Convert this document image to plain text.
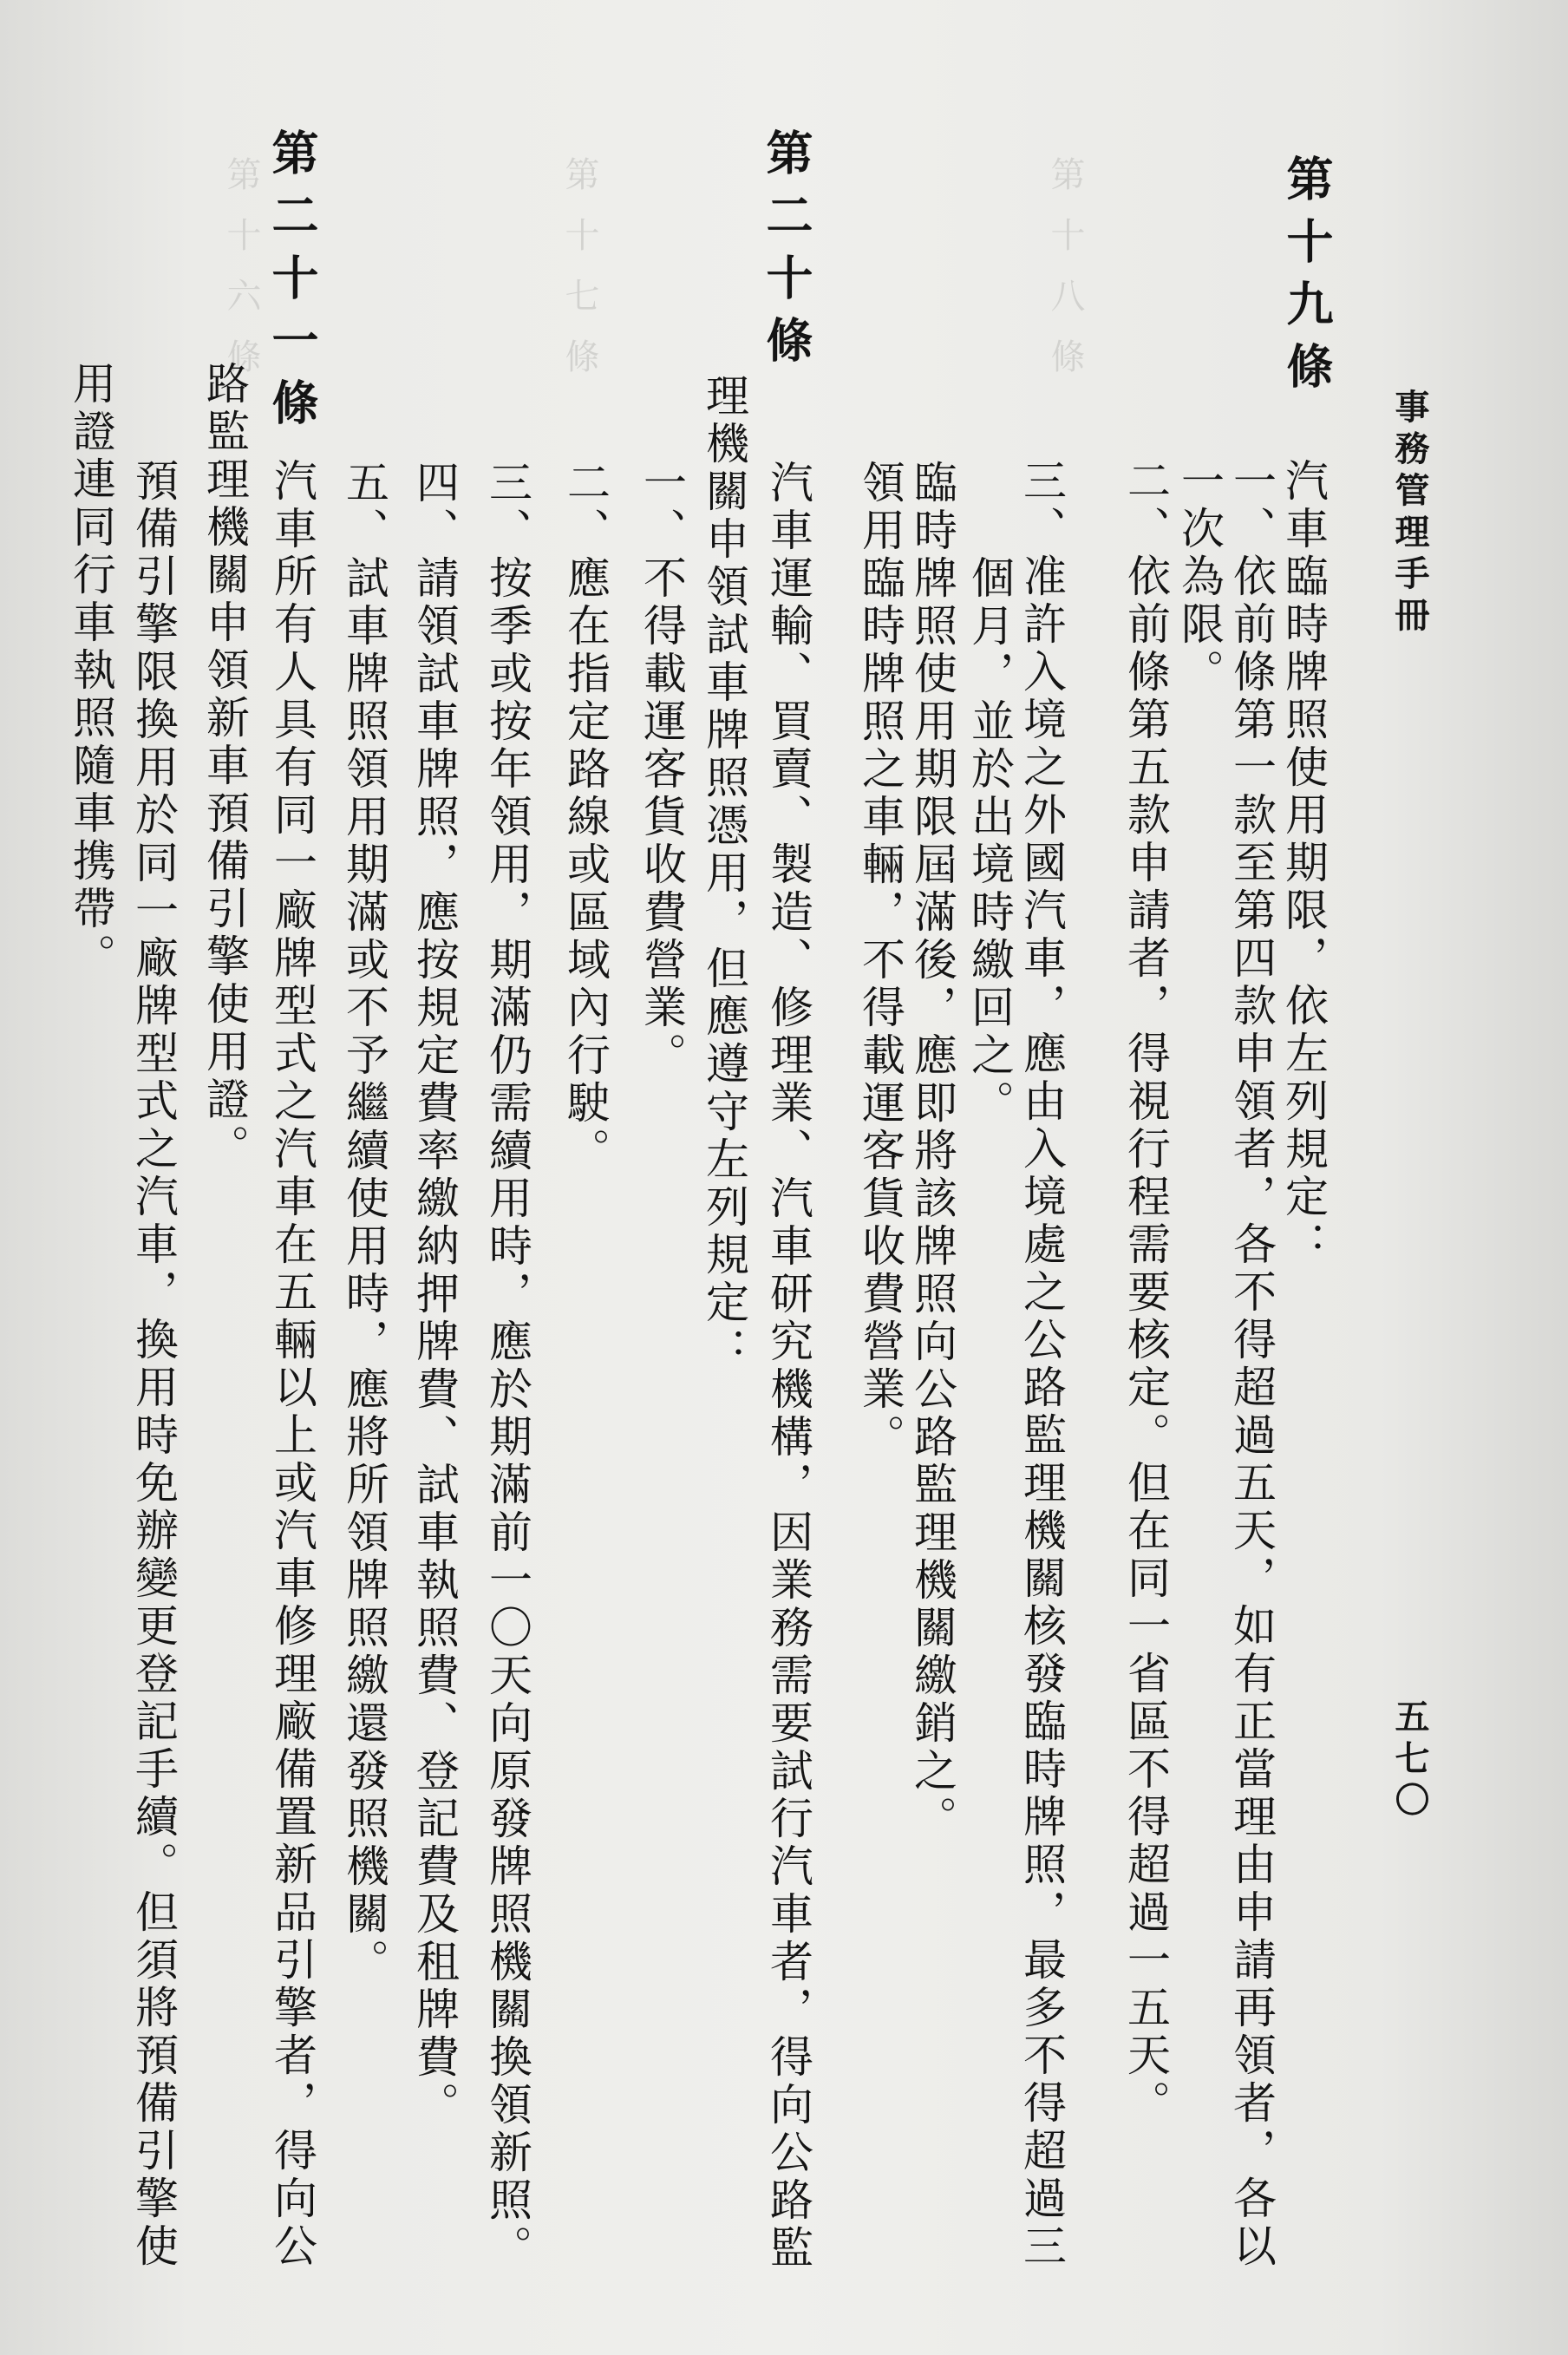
第十八條
第十七條
第十六條
事務管理手冊
五七〇
第十九條
汽車臨時牌照使用期限，依左列規定：
一、依前條第一款至第四款申領者，各不得超過五天，如有正當理由申請再領者，各以
一次為限。
二、依前條第五款申請者，得視行程需要核定。但在同一省區不得超過一五天。
三、准許入境之外國汽車，應由入境處之公路監理機關核發臨時牌照，最多不得超過三
個月，並於出境時繳回之。
臨時牌照使用期限屆滿後，應即將該牌照向公路監理機關繳銷之。
領用臨時牌照之車輛，不得載運客貨收費營業。
第二十條
汽車運輸、買賣、製造、修理業、汽車研究機構，因業務需要試行汽車者，得向公路監
理機關申領試車牌照憑用，但應遵守左列規定：
一、不得載運客貨收費營業。
二、應在指定路線或區域內行駛。
三、按季或按年領用，期滿仍需續用時，應於期滿前一〇天向原發牌照機關換領新照。
四、請領試車牌照，應按規定費率繳納押牌費、試車執照費、登記費及租牌費。
五、試車牌照領用期滿或不予繼續使用時，應將所領牌照繳還發照機關。
第二十一條
汽車所有人具有同一廠牌型式之汽車在五輛以上或汽車修理廠備置新品引擎者，得向公
路監理機關申領新車預備引擎使用證。
預備引擎限換用於同一廠牌型式之汽車，換用時免辦變更登記手續。但須將預備引擎使
用證連同行車執照隨車携帶。
